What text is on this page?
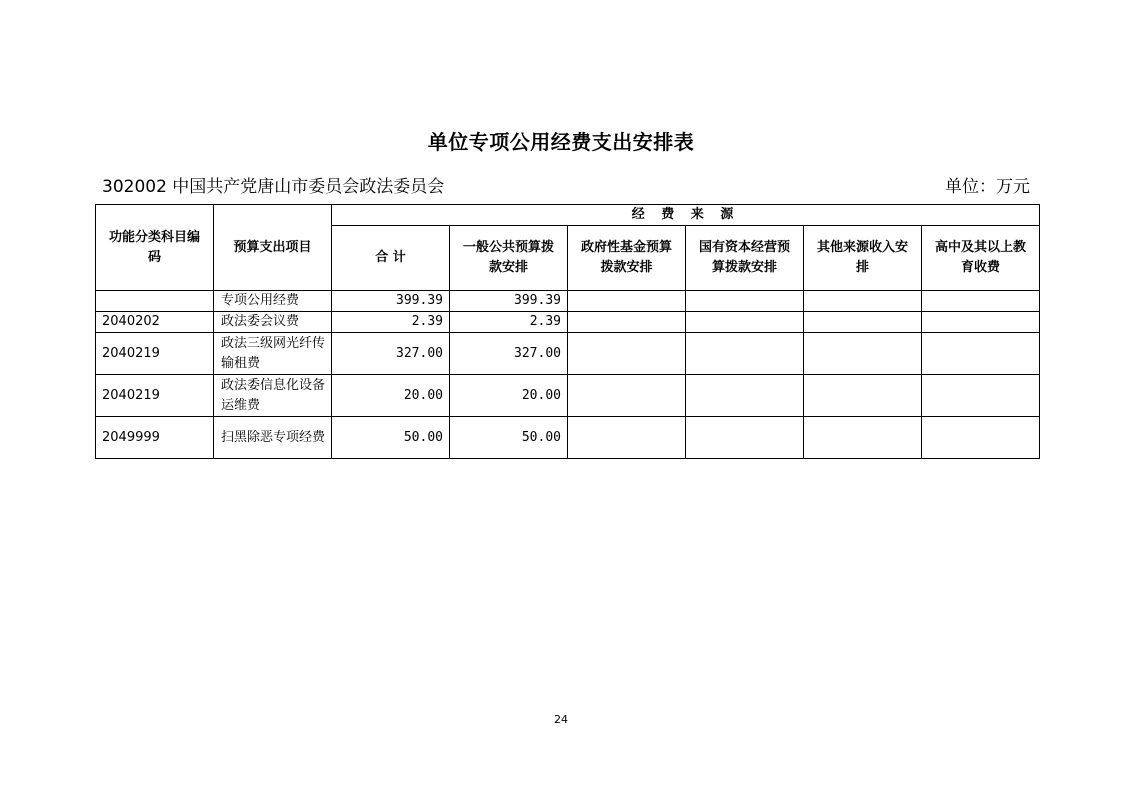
单位专项公用经费支出安排表
302002 中国共产党唐山市委员会政法委员会	单位：万元
功能分类科目编码	预算支出项目	经 费 来 源					
		合 计	一般公共预算拨款安排	政府性基金预算拨款安排	国有资本经营预算拨款安排	其他来源收入安排	高中及其以上教育收费
	专项公用经费	399.39	399.39				
2040202	政法委会议费	2.39	2.39				
2040219	政法三级网光纤传输租费	327.00	327.00				
2040219	政法委信息化设备运维费	20.00	20.00				
2049999	扫黑除恶专项经费	50.00	50.00				
24
